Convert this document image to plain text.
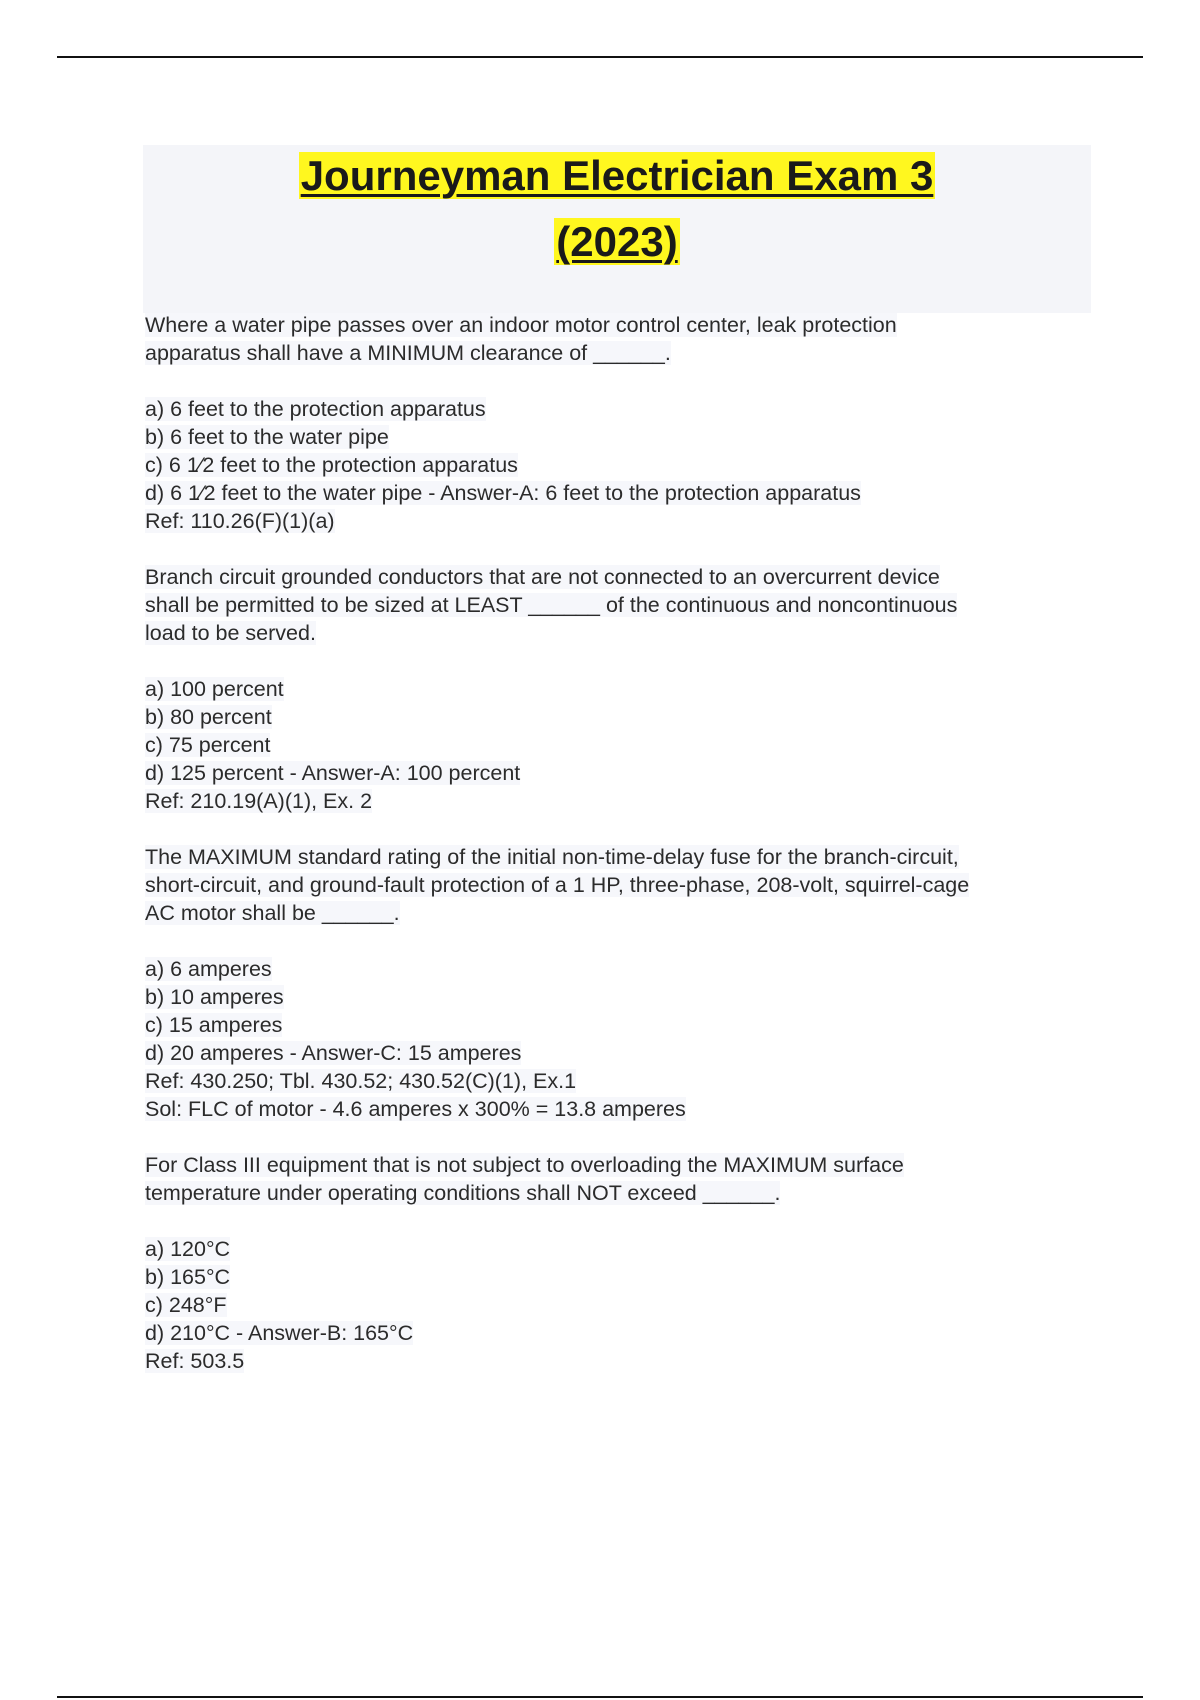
Journeyman Electrician Exam 3
(2023)
Where a water pipe passes over an indoor motor control center, leak protection
apparatus shall have a MINIMUM clearance of ______.
a) 6 feet to the protection apparatus
b) 6 feet to the water pipe
c) 6 1⁄2 feet to the protection apparatus
d) 6 1⁄2 feet to the water pipe - Answer-A: 6 feet to the protection apparatus
Ref: 110.26(F)(1)(a)
Branch circuit grounded conductors that are not connected to an overcurrent device
shall be permitted to be sized at LEAST ______ of the continuous and noncontinuous
load to be served.
a) 100 percent
b) 80 percent
c) 75 percent
d) 125 percent - Answer-A: 100 percent
Ref: 210.19(A)(1), Ex. 2
The MAXIMUM standard rating of the initial non-time-delay fuse for the branch-circuit,
short-circuit, and ground-fault protection of a 1 HP, three-phase, 208-volt, squirrel-cage
AC motor shall be ______.
a) 6 amperes
b) 10 amperes
c) 15 amperes
d) 20 amperes - Answer-C: 15 amperes
Ref: 430.250; Tbl. 430.52; 430.52(C)(1), Ex.1
Sol: FLC of motor - 4.6 amperes x 300% = 13.8 amperes
For Class III equipment that is not subject to overloading the MAXIMUM surface
temperature under operating conditions shall NOT exceed ______.
a) 120°C
b) 165°C
c) 248°F
d) 210°C - Answer-B: 165°C
Ref: 503.5
